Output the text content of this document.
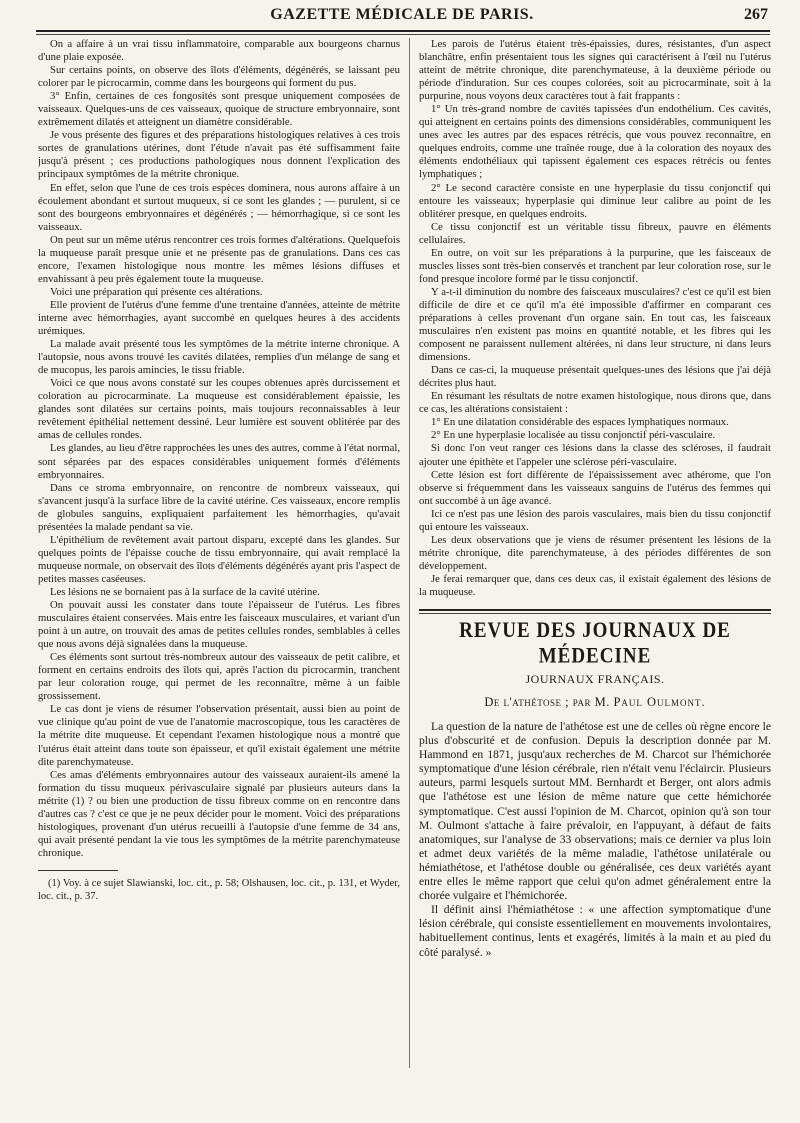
GAZETTE MÉDICALE DE PARIS.	267

On a affaire à un vrai tissu inflammatoire, comparable aux bourgeons charnus d'une plaie exposée.

Sur certains points, on observe des îlots d'éléments, dégénérés, se laissant peu colorer par le picrocarmin, comme dans les bourgeons qui forment du pus.

3° Enfin, certaines de ces fongosités sont presque uniquement composées de vaisseaux. Quelques-uns de ces vaisseaux, quoique de structure embryonnaire, sont extrêmement dilatés et atteignent un diamètre considérable.

Je vous présente des figures et des préparations histologiques relatives à ces trois sortes de granulations utérines, dont l'étude n'avait pas été suffisamment faite jusqu'à présent ; ces productions pathologiques nous donnent l'explication des principaux symptômes de la métrite chronique.

En effet, selon que l'une de ces trois espèces dominera, nous aurons affaire à un écoulement abondant et surtout muqueux, si ce sont les glandes ; — purulent, si ce sont des bourgeons embryonnaires et dégénérés ; — hémorrhagique, si ce sont les vaisseaux.

On peut sur un même utérus rencontrer ces trois formes d'altérations. Quelquefois la muqueuse paraît presque unie et ne présente pas de granulations. Dans ces cas encore, l'examen histologique nous montre les mêmes lésions diffuses et envahissant à peu près également toute la muqueuse.

Voici une préparation qui présente ces altérations.

Elle provient de l'utérus d'une femme d'une trentaine d'années, atteinte de métrite interne avec hémorrhagies, ayant succombé en quelques heures à des accidents urémiques.

La malade avait présenté tous les symptômes de la métrite interne chronique. A l'autopsie, nous avons trouvé les cavités dilatées, remplies d'un mélange de sang et de mucopus, les parois amincies, le tissu friable.

Voici ce que nous avons constaté sur les coupes obtenues après durcissement et coloration au picrocarminate. La muqueuse est considérablement épaissie, les glandes sont dilatées sur certains points, mais toujours reconnaissables à leur revêtement épithélial nettement dessiné. Leur lumière est souvent oblitérée par des amas de cellules rondes.

Les glandes, au lieu d'être rapprochées les unes des autres, comme à l'état normal, sont séparées par des espaces considérables uniquement formés d'éléments embryonnaires.

Dans ce stroma embryonnaire, on rencontre de nombreux vaisseaux, qui s'avancent jusqu'à la surface libre de la cavité utérine. Ces vaisseaux, encore remplis de globules sanguins, expliquaient parfaitement les hémorrhagies, qu'avait présentées la malade pendant sa vie.

L'épithélium de revêtement avait partout disparu, excepté dans les glandes. Sur quelques points de l'épaisse couche de tissu embryonnaire, qui avait remplacé la muqueuse normale, on observait des îlots d'éléments dégénérés ayant pris l'aspect de petites masses caséeuses.

Les lésions ne se bornaient pas à la surface de la cavité utérine.

On pouvait aussi les constater dans toute l'épaisseur de l'utérus. Les fibres musculaires étaient conservées. Mais entre les faisceaux musculaires, et variant d'un point à un autre, on trouvait des amas de petites cellules rondes, semblables à celles que nous avons déjà signalées dans la muqueuse.

Ces éléments sont surtout très-nombreux autour des vaisseaux de petit calibre, et forment en certains endroits des îlots qui, après l'action du picrocarmin, tranchent par leur coloration rouge, qui permet de les reconnaître, même à un faible grossissement.

Le cas dont je viens de résumer l'observation présentait, aussi bien au point de vue clinique qu'au point de vue de l'anatomie macroscopique, tous les caractères de la métrite dite muqueuse. Et cependant l'examen histologique nous a montré que l'utérus était atteint dans toute son épaisseur, et qu'il existait également une métrite dite parenchymateuse.

Ces amas d'éléments embryonnaires autour des vaisseaux auraient-ils amené la formation du tissu muqueux périvasculaire signalé par plusieurs auteurs dans la métrite (1) ? ou bien une production de tissu fibreux comme on en rencontre dans d'autres cas ? c'est ce que je ne peux décider pour le moment. Voici des préparations histologiques, provenant d'un utérus recueilli à l'autopsie d'une femme de 34 ans, qui avait présenté pendant la vie tous les symptômes de la métrite parenchymateuse chronique.

(1) Voy. à ce sujet Slawianski, loc. cit., p. 58; Olshausen, loc. cit., p. 131, et Wyder, loc. cit., p. 37.

Les parois de l'utérus étaient très-épaissies, dures, résistantes, d'un aspect blanchâtre, enfin présentaient tous les signes qui caractérisent à l'œil nu l'utérus atteint de métrite chronique, dite parenchymateuse, à la deuxième période ou période d'induration. Sur ces coupes colorées, soit au picrocarminate, soit à la purpurine, nous voyons deux caractères tout à fait frappants :

1° Un très-grand nombre de cavités tapissées d'un endothélium. Ces cavités, qui atteignent en certains points des dimensions considérables, communiquent les unes avec les autres par des espaces rétrécis, que vous pouvez reconnaître, en quelques endroits, comme une traînée rouge, due à la coloration des noyaux des éléments endothéliaux qui tapissent également ces espaces rétrécis ou fentes lymphatiques ;

2° Le second caractère consiste en une hyperplasie du tissu conjonctif qui entoure les vaisseaux; hyperplasie qui diminue leur calibre au point de les oblitérer presque, en quelques endroits.

Ce tissu conjonctif est un véritable tissu fibreux, pauvre en éléments cellulaires.

En outre, on voit sur les préparations à la purpurine, que les faisceaux de muscles lisses sont très-bien conservés et tranchent par leur coloration rose, sur le fond presque incolore formé par le tissu conjonctif.

Y a-t-il diminution du nombre des faisceaux musculaires? c'est ce qu'il est bien difficile de dire et ce qu'il m'a été impossible d'affirmer en comparant ces préparations à celles provenant d'un organe sain. En tout cas, les faisceaux musculaires n'en existent pas moins en quantité notable, et les fibres qui les composent ne paraissent nullement altérées, ni dans leur structure, ni dans leurs dimensions.

Dans ce cas-ci, la muqueuse présentait quelques-unes des lésions que j'ai déjà décrites plus haut.

En résumant les résultats de notre examen histologique, nous dirons que, dans ce cas, les altérations consistaient :

1° En une dilatation considérable des espaces lymphatiques normaux.

2° En une hyperplasie localisée au tissu conjonctif péri-vasculaire.

Si donc l'on veut ranger ces lésions dans la classe des scléroses, il faudrait ajouter une épithète et l'appeler une sclérose péri-vasculaire.

Cette lésion est fort différente de l'épaississement avec athérome, que l'on observe si fréquemment dans les vaisseaux sanguins de l'utérus des femmes qui ont succombé à un âge avancé.

Ici ce n'est pas une lésion des parois vasculaires, mais bien du tissu conjonctif qui entoure les vaisseaux.

Les deux observations que je viens de résumer présentent les lésions de la métrite chronique, dite parenchymateuse, à des périodes différentes de son développement.

Je ferai remarquer que, dans ces deux cas, il existait également des lésions de la muqueuse.

REVUE DES JOURNAUX DE MÉDECINE
JOURNAUX FRANÇAIS.
De l'athétose ; par M. Paul Oulmont.

La question de la nature de l'athétose est une de celles où règne encore le plus d'obscurité et de confusion. Depuis la description donnée par M. Hammond en 1871, jusqu'aux recherches de M. Charcot sur l'hémichorée symptomatique d'une lésion cérébrale, rien n'était venu l'éclaircir. Plusieurs auteurs, parmi lesquels surtout MM. Bernhardt et Berger, ont alors admis que l'athétose est une lésion de même nature que cette hémichorée symptomatique. C'est aussi l'opinion de M. Charcot, opinion qu'à son tour M. Oulmont s'attache à faire prévaloir, en l'appuyant, à défaut de faits anatomiques, sur l'analyse de 33 observations; mais ce dernier va plus loin et admet deux variétés de la même maladie, l'athétose unilatérale ou hémiathétose, et l'athétose double ou généralisée, ces deux variétés ayant entre elles le même rapport que celui qu'on admet généralement entre la chorée vulgaire et l'hémichorée.

Il définit ainsi l'hémiathétose : « une affection symptomatique d'une lésion cérébrale, qui consiste essentiellement en mouvements involontaires, habituellement continus, lents et exagérés, limités à la main et au pied du côté paralysé. »
